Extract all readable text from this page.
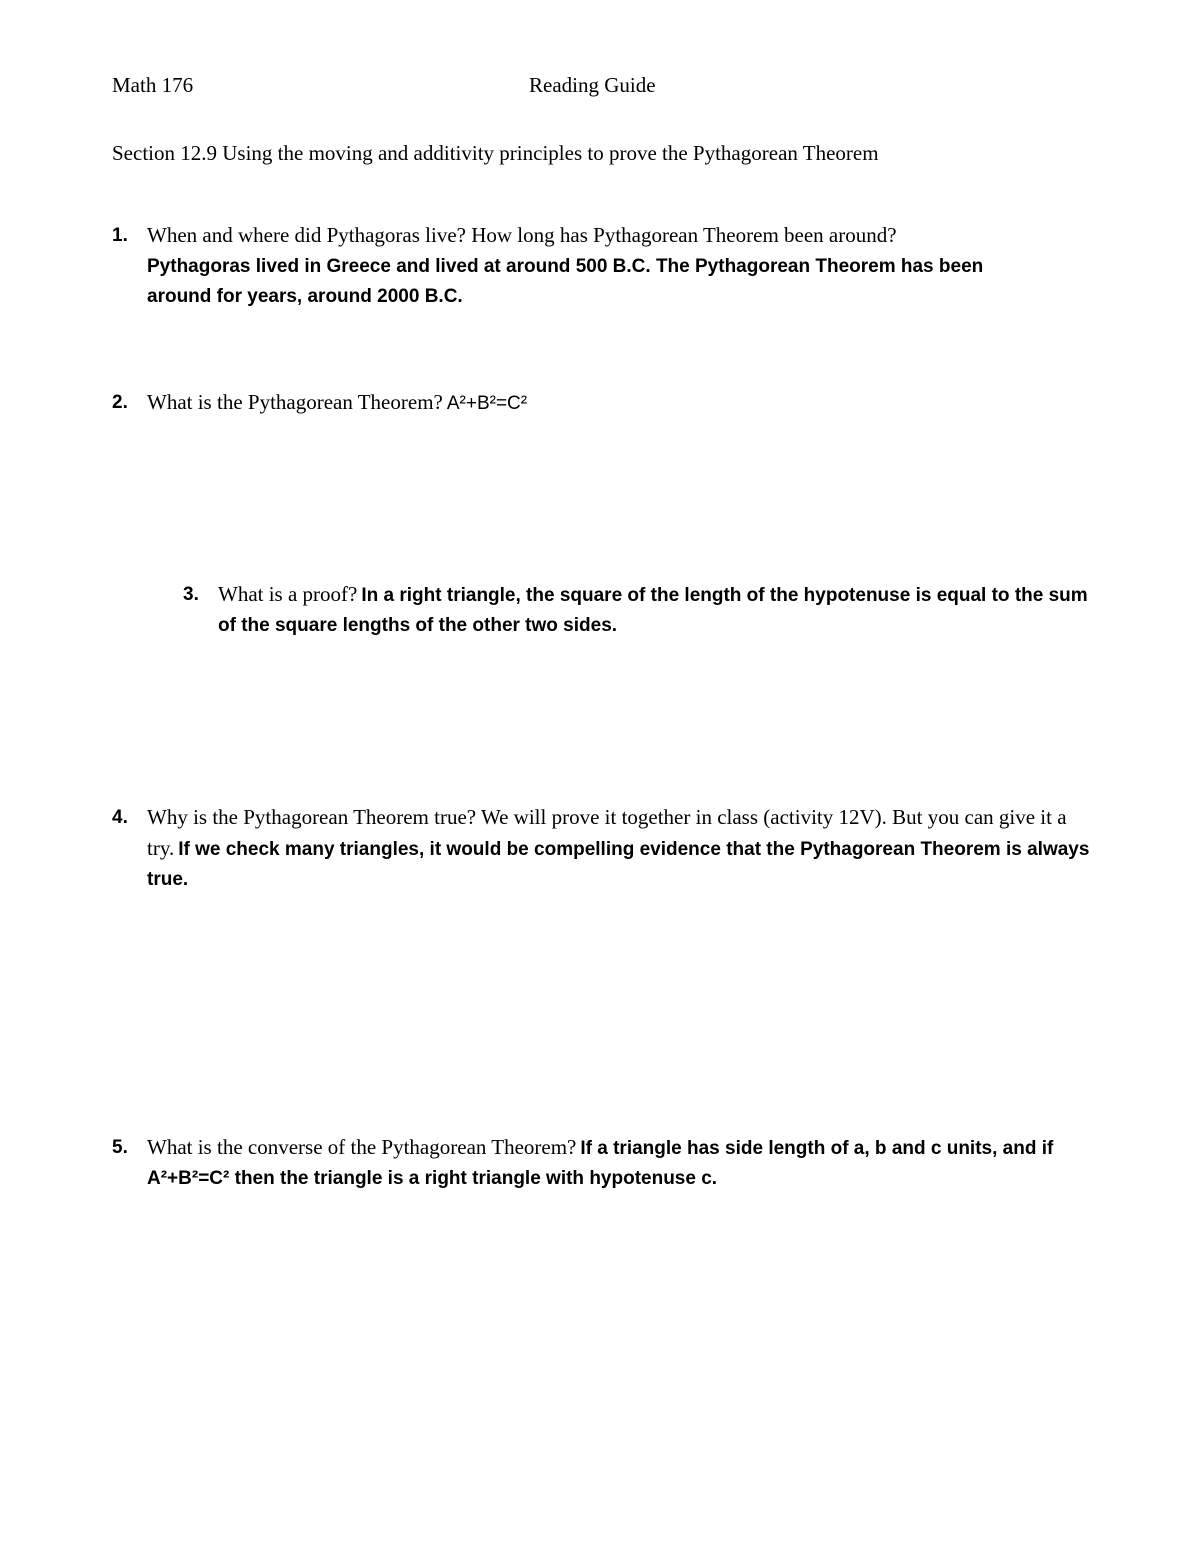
Math 176	Reading Guide
Section 12.9 Using the moving and additivity principles to prove the Pythagorean Theorem
1. When and where did Pythagoras live? How long has Pythagorean Theorem been around?
Pythagoras lived in Greece and lived at around 500 B.C. The Pythagorean Theorem has been around for years, around 2000 B.C.
2. What is the Pythagorean Theorem? A²+B²=C²
3. What is a proof? In a right triangle, the square of the length of the hypotenuse is equal to the sum of the square lengths of the other two sides.
4. Why is the Pythagorean Theorem true? We will prove it together in class (activity 12V). But you can give it a try. If we check many triangles, it would be compelling evidence that the Pythagorean Theorem is always true.
5. What is the converse of the Pythagorean Theorem? If a triangle has side length of a, b and c units, and if A²+B²=C² then the triangle is a right triangle with hypotenuse c.
